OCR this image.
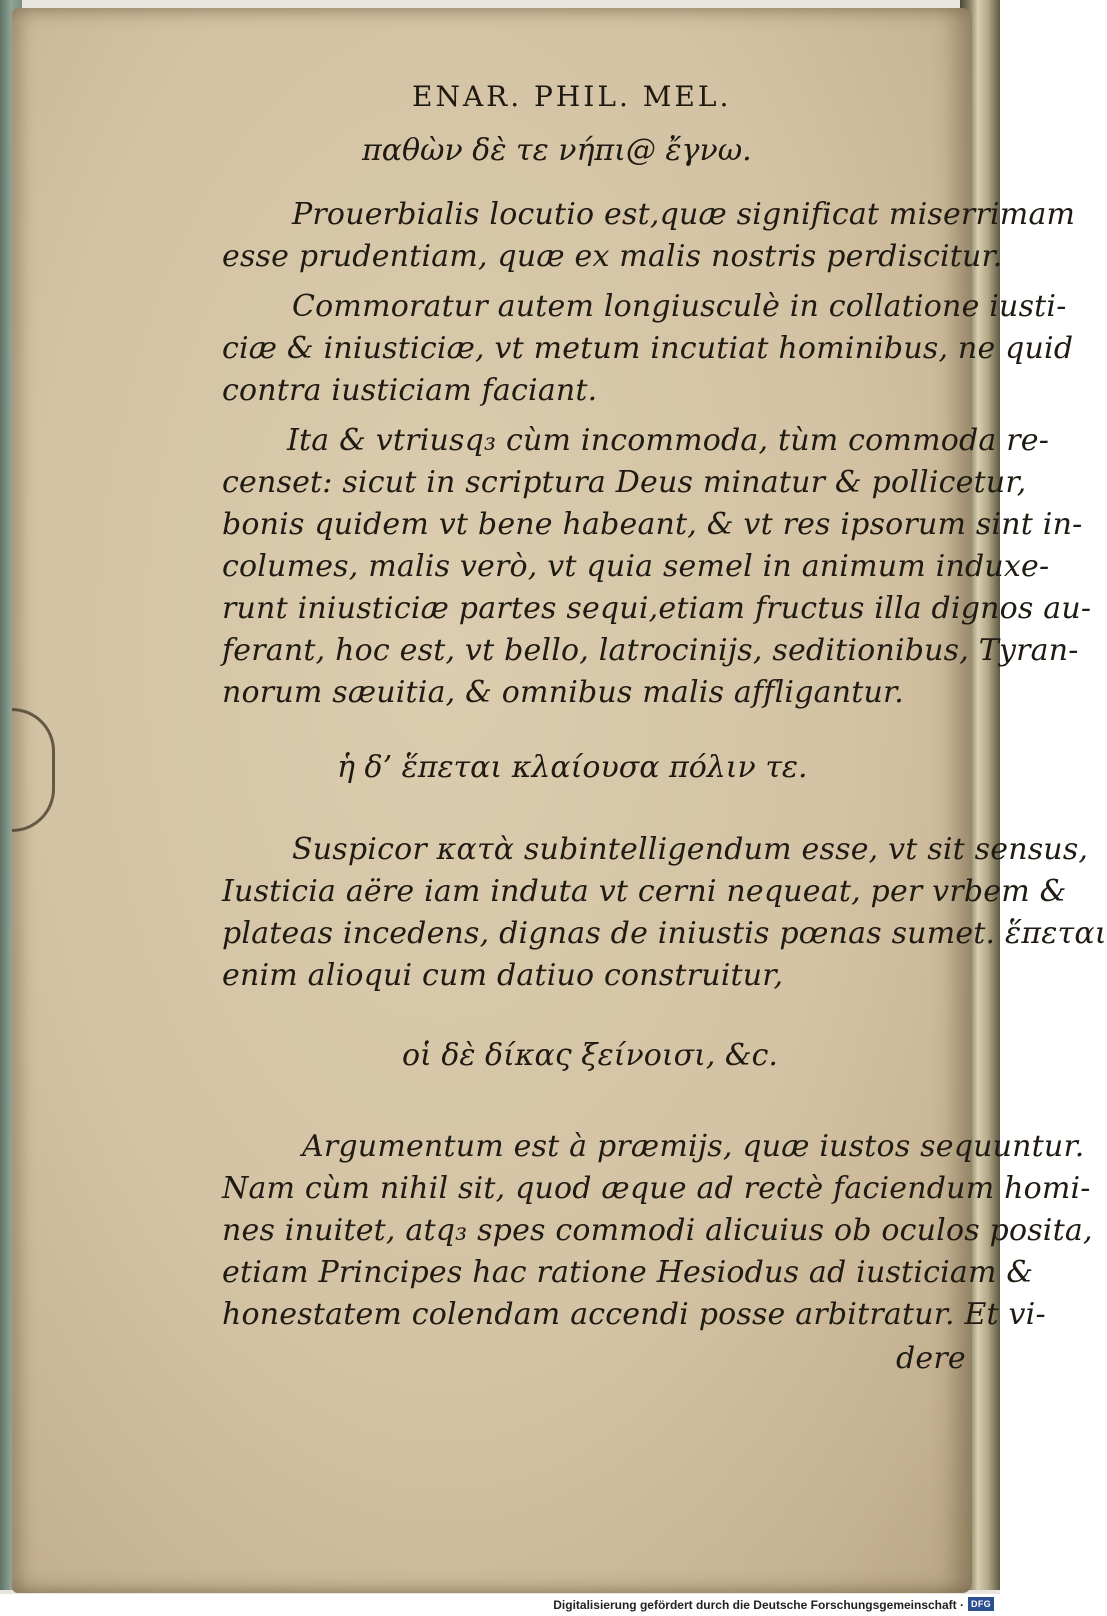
ENAR. PHIL. MEL.
παθὼν δὲ τε νήπι@ ἔγνω.

Prouerbialis locutio est,quæ significat miserrimam

esse prudentiam, quæ ex malis nostris perdiscitur.

Commoratur autem longiusculè in collatione iusti-

ciæ & iniusticiæ, vt metum incutiat hominibus, ne quid

contra iusticiam faciant.

Ita & vtriusq₃ cùm incommoda, tùm commoda re-

censet: sicut in scriptura Deus minatur & pollicetur,

bonis quidem vt bene habeant, & vt res ipsorum sint in-

columes, malis verò, vt quia semel in animum induxe-

runt iniusticiæ partes sequi,etiam fructus illa dignos au-

ferant, hoc est, vt bello, latrocinijs, seditionibus, Tyran-

norum sæuitia, & omnibus malis affligantur.

ἡ δ’ ἕπεται κλαίουσα πόλιν τε.

Suspicor κατὰ subintelligendum esse, vt sit sensus,

Iusticia aëre iam induta vt cerni nequeat, per vrbem &

plateas incedens, dignas de iniustis pœnas sumet. ἕπεται

enim alioqui cum datiuo construitur,

οἱ δὲ δίκας ξείνοισι, &c.

Argumentum est à præmijs, quæ iustos sequuntur.

Nam cùm nihil sit, quod æque ad rectè faciendum homi-

nes inuitet, atq₃ spes commodi alicuius ob oculos posita,

etiam Principes hac ratione Hesiodus ad iusticiam &

honestatem colendam accendi posse arbitratur. Et vi-

dere

Digitalisierung gefördert durch die Deutsche Forschungsgemeinschaft · DFG
